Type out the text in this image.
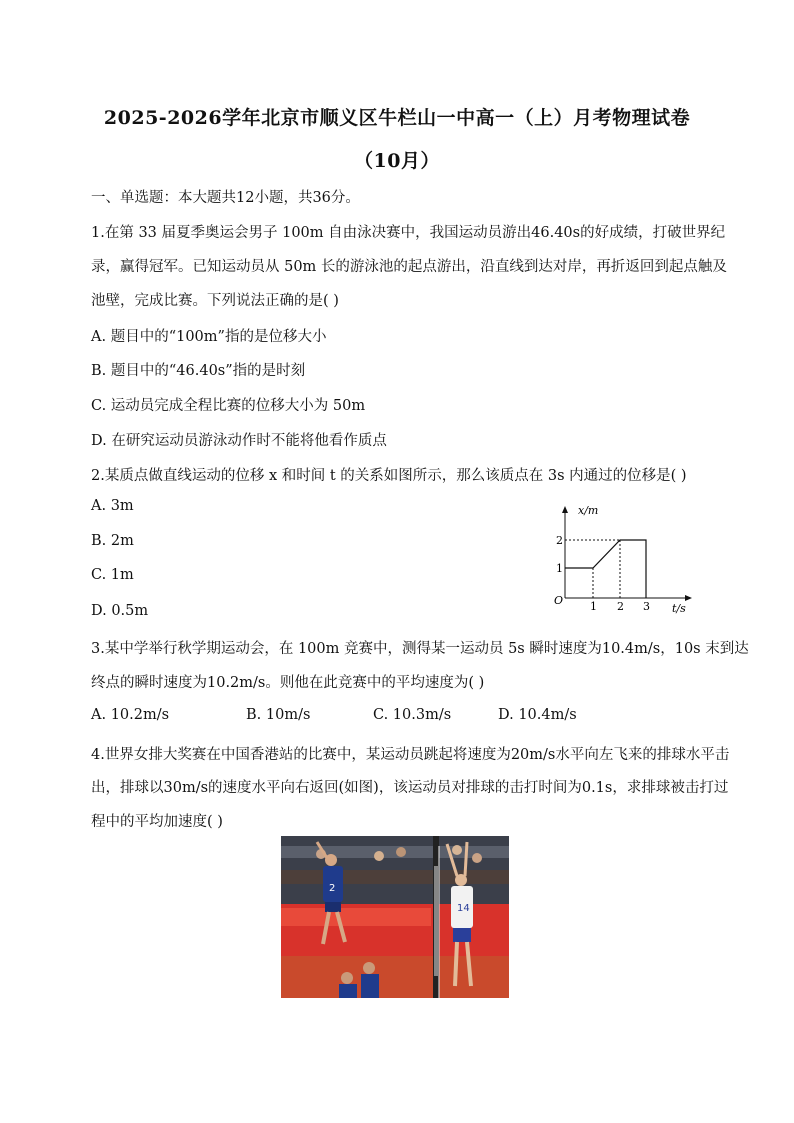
2025-2026学年北京市顺义区牛栏山一中高一（上）月考物理试卷
（10月）
一、单选题：本大题共12小题，共36分。
1.在第 33 届夏季奥运会男子 100m 自由泳决赛中，我国运动员游出46.40s的好成绩，打破世界纪
录，赢得冠军。已知运动员从 50m 长的游泳池的起点游出，沿直线到达对岸，再折返回到起点触及
池壁，完成比赛。下列说法正确的是( )
A. 题目中的“100m”指的是位移大小
B. 题目中的“46.40s”指的是时刻
C. 运动员完成全程比赛的位移大小为 50m
D. 在研究运动员游泳动作时不能将他看作质点
2.某质点做直线运动的位移 x 和时间 t 的关系如图所示，那么该质点在 3s 内通过的位移是( )
A. 3m
B. 2m
C. 1m
D. 0.5m
x/m
t/s
O
1
2
1 2 3
3.某中学举行秋学期运动会，在 100m 竞赛中，测得某一运动员 5s 瞬时速度为10.4m/s，10s 末到达
终点的瞬时速度为10.2m/s。则他在此竞赛中的平均速度为( )
A. 10.2m/s	B. 10m/s	C. 10.3m/s	D. 10.4m/s
4.世界女排大奖赛在中国香港站的比赛中，某运动员跳起将速度为20m/s水平向左飞来的排球水平击
出，排球以30m/s的速度水平向右返回(如图)，该运动员对排球的击打时间为0.1s，求排球被击打过
程中的平均加速度( )
2
14
